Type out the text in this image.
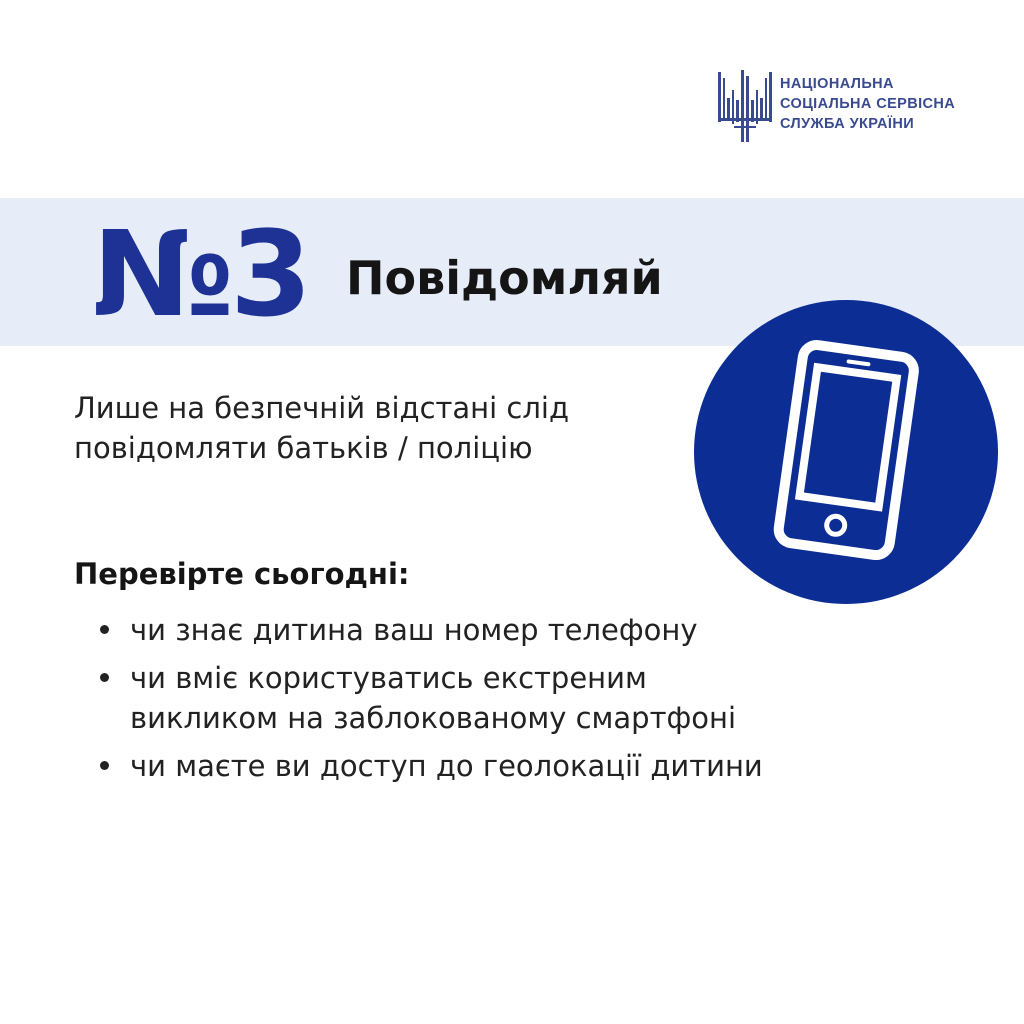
НАЦІОНАЛЬНА
СОЦІАЛЬНА СЕРВІСНА
СЛУЖБА УКРАЇНИ
№3 Повідомляй
Лише на безпечній відстані слід
повідомляти батьків / поліцію
Перевірте сьогодні:
чи знає дитина ваш номер телефону
чи вміє користуватись екстреним
викликом на заблокованому смартфоні
чи маєте ви доступ до геолокації дитини
